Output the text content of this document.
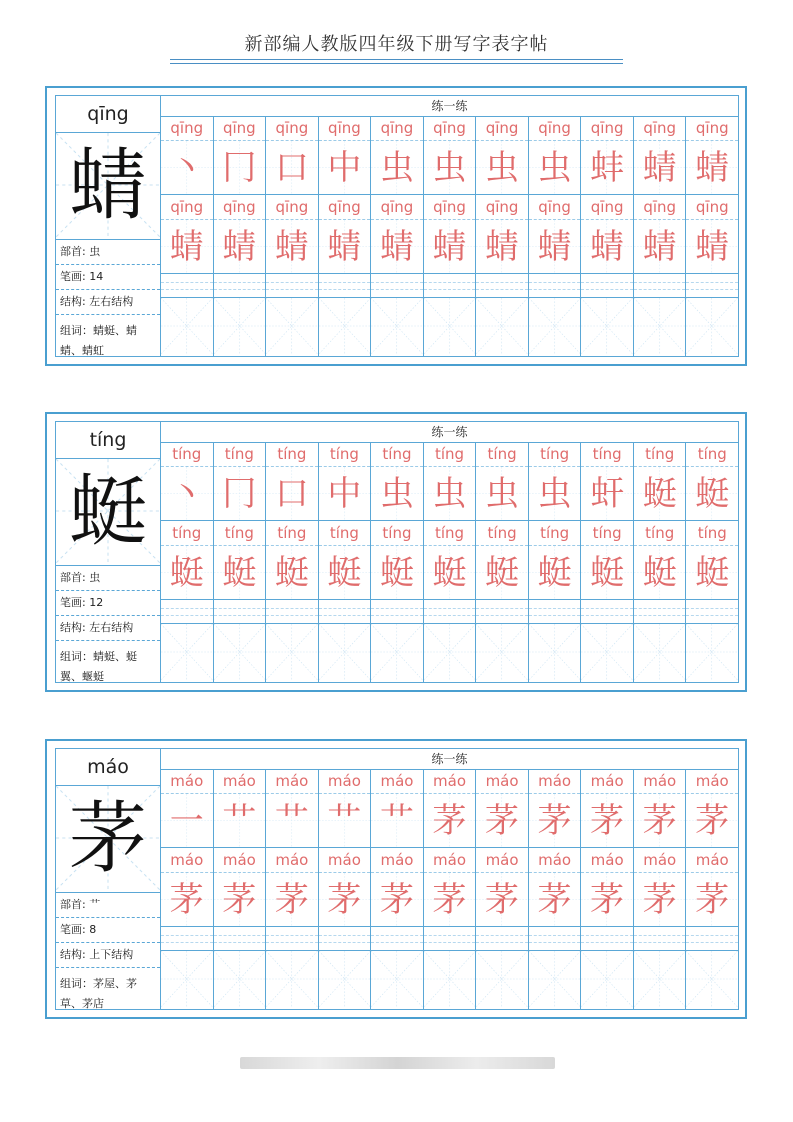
新部编人教版四年级下册写字表字帖
qīng
蜻
部首: 虫
笔画: 14
结构: 左右结构
组词：蜻蜓、蜻蜻、蜻虹
练一练
qīng
丶
qīng
蜻
qīng
冂
qīng
蜻
qīng
口
qīng
蜻
qīng
中
qīng
蜻
qīng
虫
qīng
蜻
qīng
虫
qīng
蜻
qīng
虫
qīng
蜻
qīng
虫
qīng
蜻
qīng
蚌
qīng
蜻
qīng
蜻
qīng
蜻
qīng
蜻
qīng
蜻
tíng
蜓
部首: 虫
笔画: 12
结构: 左右结构
组词：蜻蜓、蜓翼、蝘蜓
练一练
tíng
丶
tíng
蜓
tíng
冂
tíng
蜓
tíng
口
tíng
蜓
tíng
中
tíng
蜓
tíng
虫
tíng
蜓
tíng
虫
tíng
蜓
tíng
虫
tíng
蜓
tíng
虫
tíng
蜓
tíng
虷
tíng
蜓
tíng
蜓
tíng
蜓
tíng
蜓
tíng
蜓
máo
茅
部首: 艹
笔画: 8
结构: 上下结构
组词：茅屋、茅草、茅店
练一练
máo
一
máo
茅
máo
艹
máo
茅
máo
艹
máo
茅
máo
艹
máo
茅
máo
艹
máo
茅
máo
茅
máo
茅
máo
茅
máo
茅
máo
茅
máo
茅
máo
茅
máo
茅
máo
茅
máo
茅
máo
茅
máo
茅
